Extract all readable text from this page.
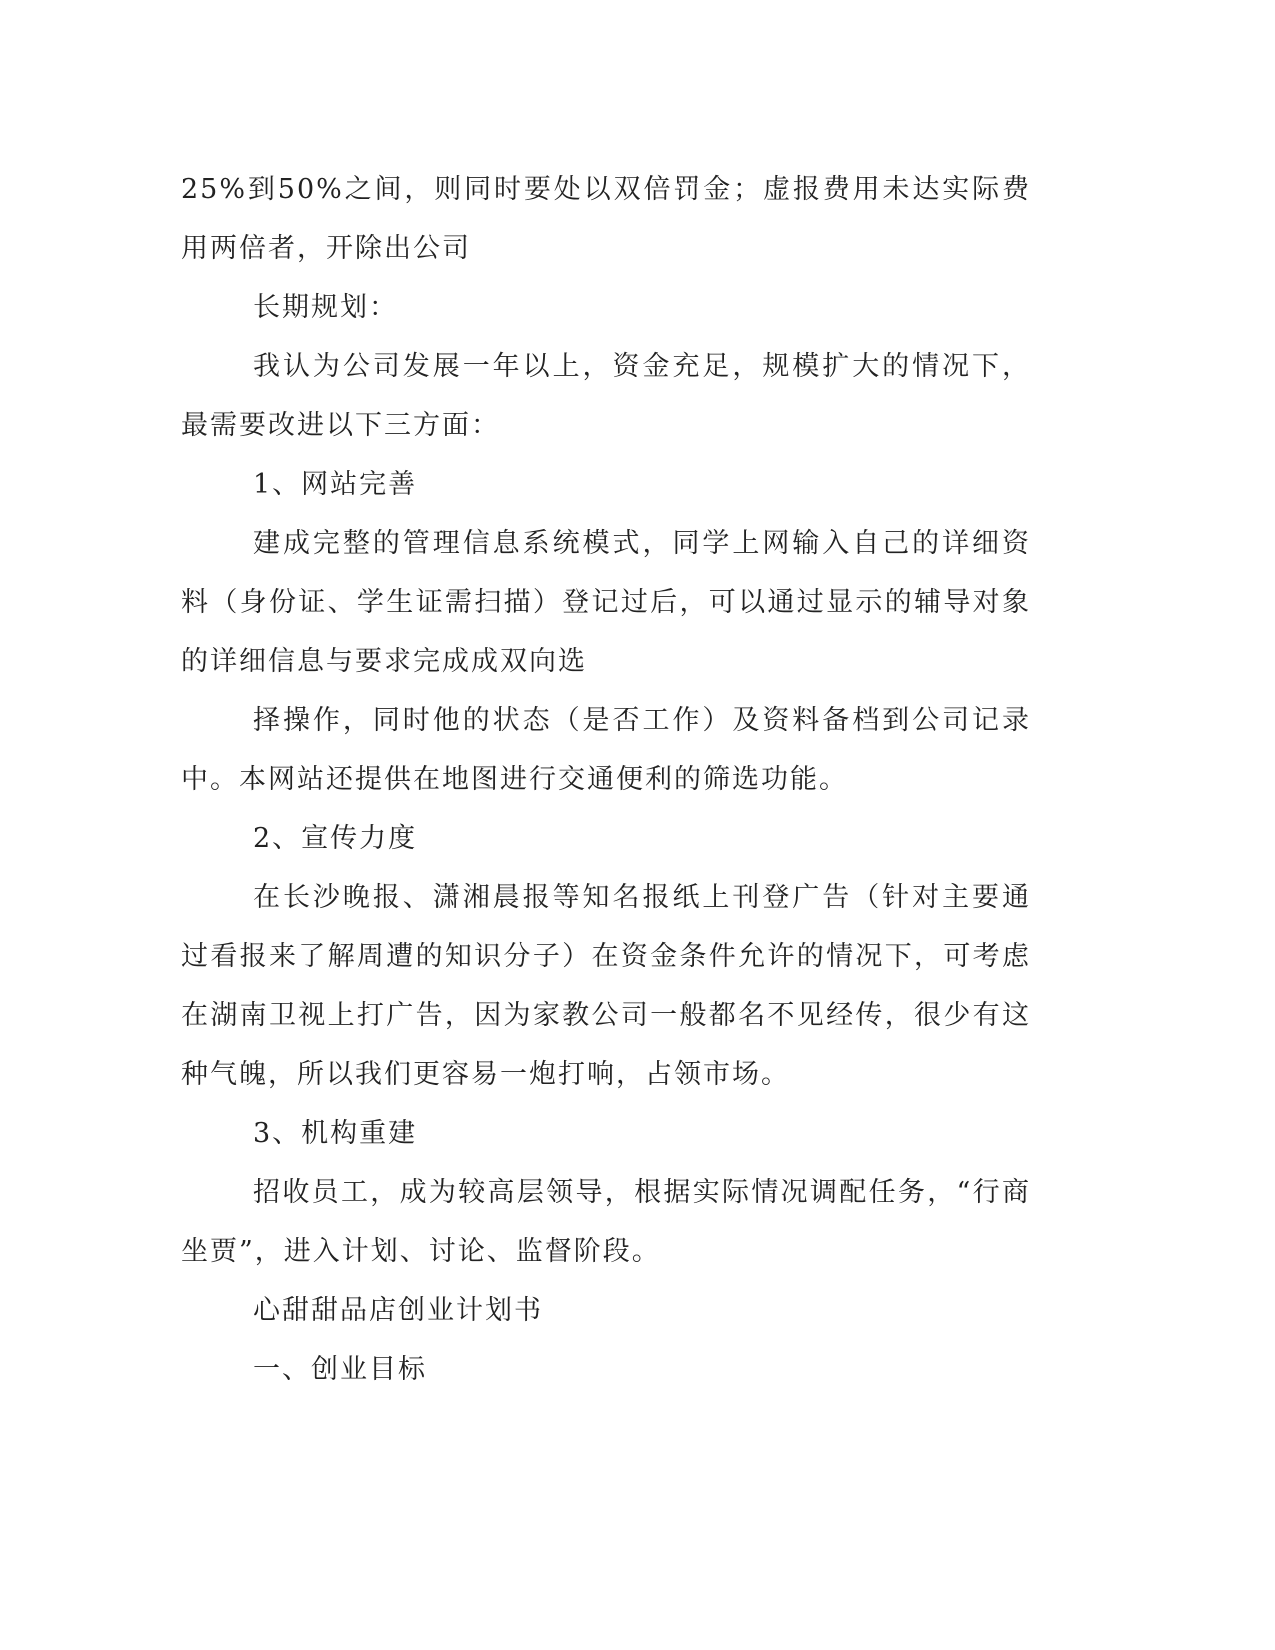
25%到50%之间，则同时要处以双倍罚金；虚报费用未达实际费用两倍者，开除出公司

长期规划：

我认为公司发展一年以上，资金充足，规模扩大的情况下，最需要改进以下三方面：

1、网站完善

建成完整的管理信息系统模式，同学上网输入自己的详细资料（身份证、学生证需扫描）登记过后，可以通过显示的辅导对象的详细信息与要求完成成双向选

择操作，同时他的状态（是否工作）及资料备档到公司记录中。本网站还提供在地图进行交通便利的筛选功能。

2、宣传力度

在长沙晚报、潇湘晨报等知名报纸上刊登广告（针对主要通过看报来了解周遭的知识分子）在资金条件允许的情况下，可考虑在湖南卫视上打广告，因为家教公司一般都名不见经传，很少有这种气魄，所以我们更容易一炮打响，占领市场。

3、机构重建

招收员工，成为较高层领导，根据实际情况调配任务，“行商坐贾”，进入计划、讨论、监督阶段。

心甜甜品店创业计划书

一、创业目标
